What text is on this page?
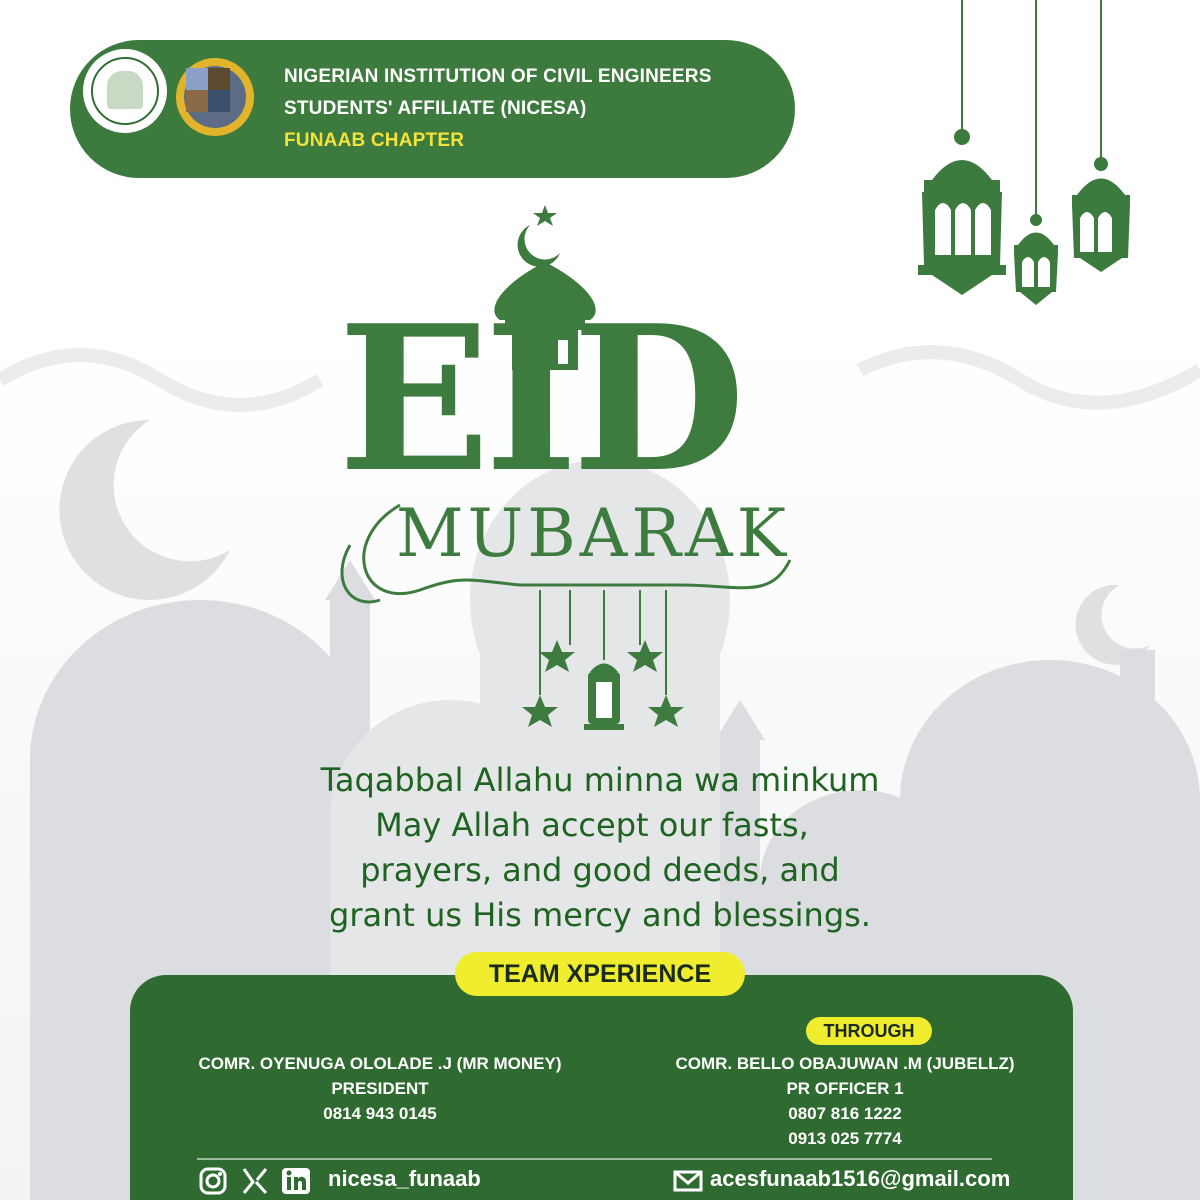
NIGERIAN INSTITUTION OF CIVIL ENGINEERS
STUDENTS' AFFILIATE (NICESA)
FUNAAB CHAPTER
EID
MUBARAK
Taqabbal Allahu minna wa minkum
May Allah accept our fasts,
prayers, and good deeds, and
grant us His mercy and blessings.
TEAM XPERIENCE
THROUGH
COMR. OYENUGA OLOLADE .J (MR MONEY)
PRESIDENT
0814 943 0145
COMR. BELLO OBAJUWAN .M (JUBELLZ)
PR OFFICER 1
0807 816 1222
0913 025 7774
nicesa_funaab	acesfunaab1516@gmail.com
